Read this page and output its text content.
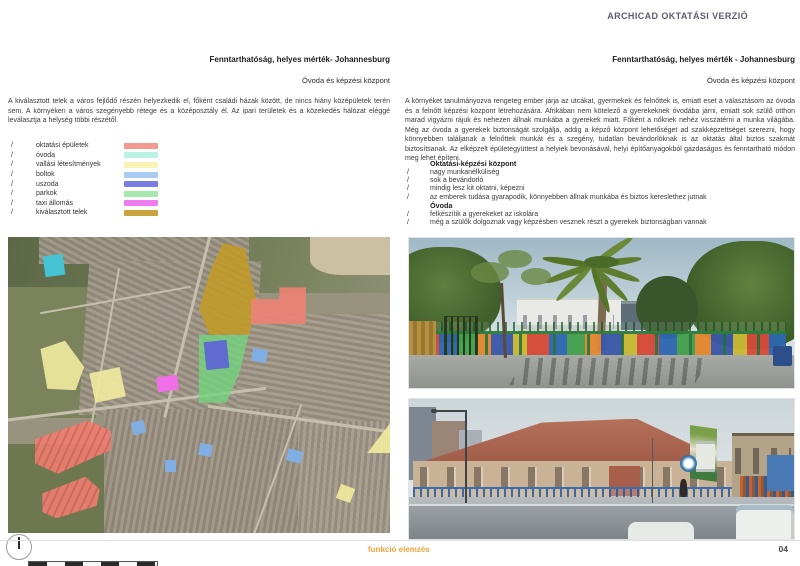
ARCHICAD OKTATÁSI VERZIÓ
Fenntarthatóság, helyes mérték- Johannesburg
Óvoda és képzési központ
Fenntarthatóság, helyes mérték - Johannesburg
Óvoda és képzési központ

A kiválasztott telek a város fejlődő részén helyezkedik el, főként családi házak között, de nincs hiány középületek terén sem. A környéken a város szegényebb rétege és a középosztály él. Az ipari területek és a közekedés hálózat eléggé leválasztja a helység többi részétől.

/	oktatási épületek
/	óvoda
/	vallási létesítmények
/	boltok
/	uszoda
/	parkok
/	taxi állomás
/	kiválasztott telek

A környéket tanulmányozva rengeteg ember járja az utcákat, gyermekek és felnőttek is, emiatt eset a választásom az óvoda és a felnőtt képzési központ létrehozására. Afrikában nem kötelező a gyerekeknek óvodába járni, emiatt sok szülő otthon marad vigyázni rájuk és nehezen állnak munkába a gyerekek miatt. Főként a nőknek nehéz visszatérni a munka világába. Még az óvoda a gyerekek biztonságát szolgálja, addig a képző központ lehetőséget ad szakképzettséget szerezni, hogy könnyebben találjanak a felnőttek munkát és a szegény, tudatlan bevándorlóknak is az oktatás által biztos szakmát biztosítsanak. Az elképzelt épületegyüttest a helyiek bevonásával, helyi építőanyagokból gazdaságos és fenntartható módon meg lehet építeni.

Oktatási-képzési központ
/	nagy munkanélküliség
/	sok a bevándorló
/	mindig lesz kit oktatni, képezni
/	az emberek tudása gyarapodik, könnyebben állnak munkába és biztos kereslethez jutnak
Óvoda
/	felkészítik a gyerekeket az iskolára
/	még a szülők dolgoznak vagy képzésben vesznek részt a gyerekek biztonságban vannak
funkció elemzés	04
